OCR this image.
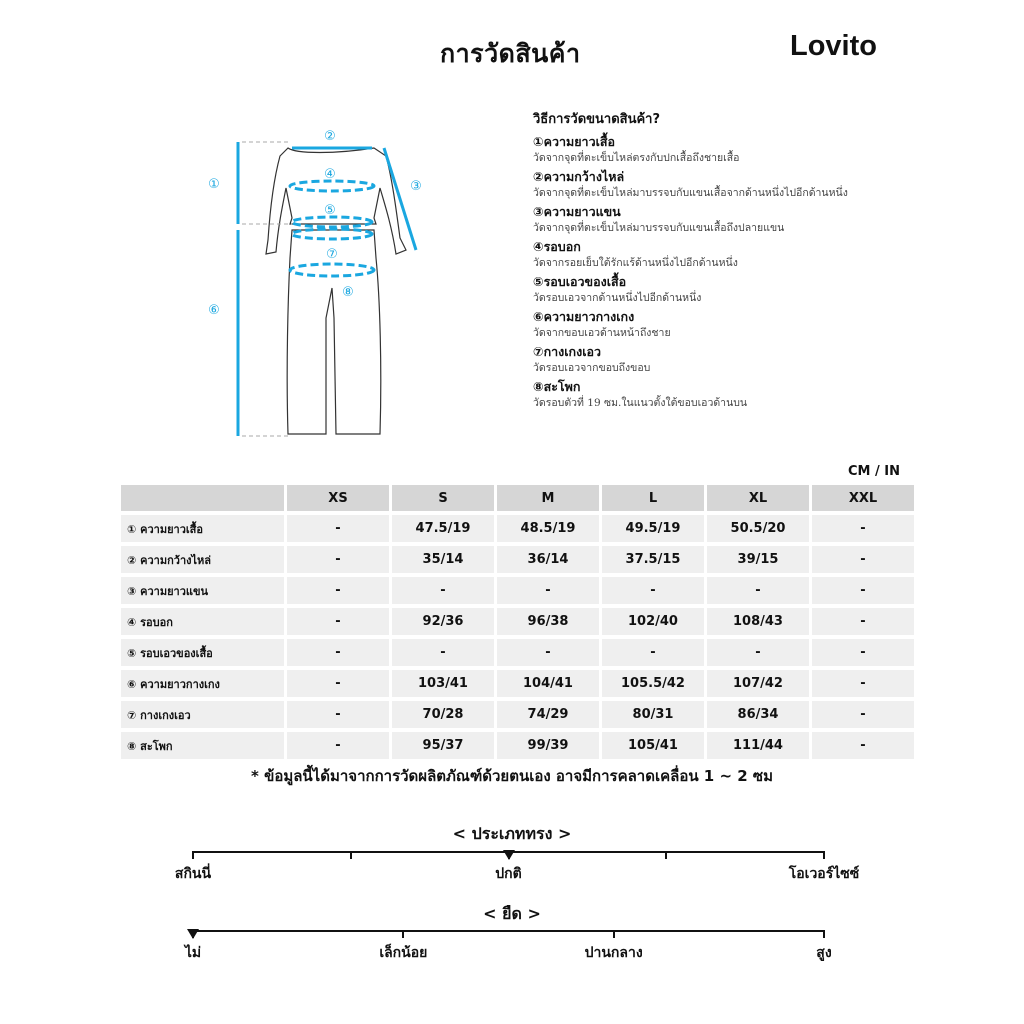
การวัดสินค้า	Lovito
①
②
③
④
⑤
⑥
⑦
⑧
วิธีการวัดขนาดสินค้า?
①ความยาวเสื้อ
วัดจากจุดที่ตะเข็บไหล่ตรงกับปกเสื้อถึงชายเสื้อ
②ความกว้างไหล่
วัดจากจุดที่ตะเข็บไหล่มาบรรจบกับแขนเสื้อจากด้านหนึ่งไปอีกด้านหนึ่ง
③ความยาวแขน
วัดจากจุดที่ตะเข็บไหล่มาบรรจบกับแขนเสื้อถึงปลายแขน
④รอบอก
วัดจากรอยเย็บใต้รักแร้ด้านหนึ่งไปอีกด้านหนึ่ง
⑤รอบเอวของเสื้อ
วัดรอบเอวจากด้านหนึ่งไปอีกด้านหนึ่ง
⑥ความยาวกางเกง
วัดจากขอบเอวด้านหน้าถึงชาย
⑦กางเกงเอว
วัดรอบเอวจากขอบถึงขอบ
⑧สะโพก
วัดรอบตัวที่ 19 ซม.ในแนวตั้งใต้ขอบเอวด้านบน
CM / IN
	XS	S	M	L	XL	XXL
① ความยาวเสื้อ	-	47.5/19	48.5/19	49.5/19	50.5/20	-
② ความกว้างไหล่	-	35/14	36/14	37.5/15	39/15	-
③ ความยาวแขน	-	-	-	-	-	-
④ รอบอก	-	92/36	96/38	102/40	108/43	-
⑤ รอบเอวของเสื้อ	-	-	-	-	-	-
⑥ ความยาวกางเกง	-	103/41	104/41	105.5/42	107/42	-
⑦ กางเกงเอว	-	70/28	74/29	80/31	86/34	-
⑧ สะโพก	-	95/37	99/39	105/41	111/44	-
* ข้อมูลนี้ได้มาจากการวัดผลิตภัณฑ์ด้วยตนเอง อาจมีการคลาดเคลื่อน 1 ~ 2 ซม
< ประเภททรง >
สกินนี่	ปกติ	โอเวอร์ไซซ์
< ยืด >
ไม่	เล็กน้อย	ปานกลาง	สูง
